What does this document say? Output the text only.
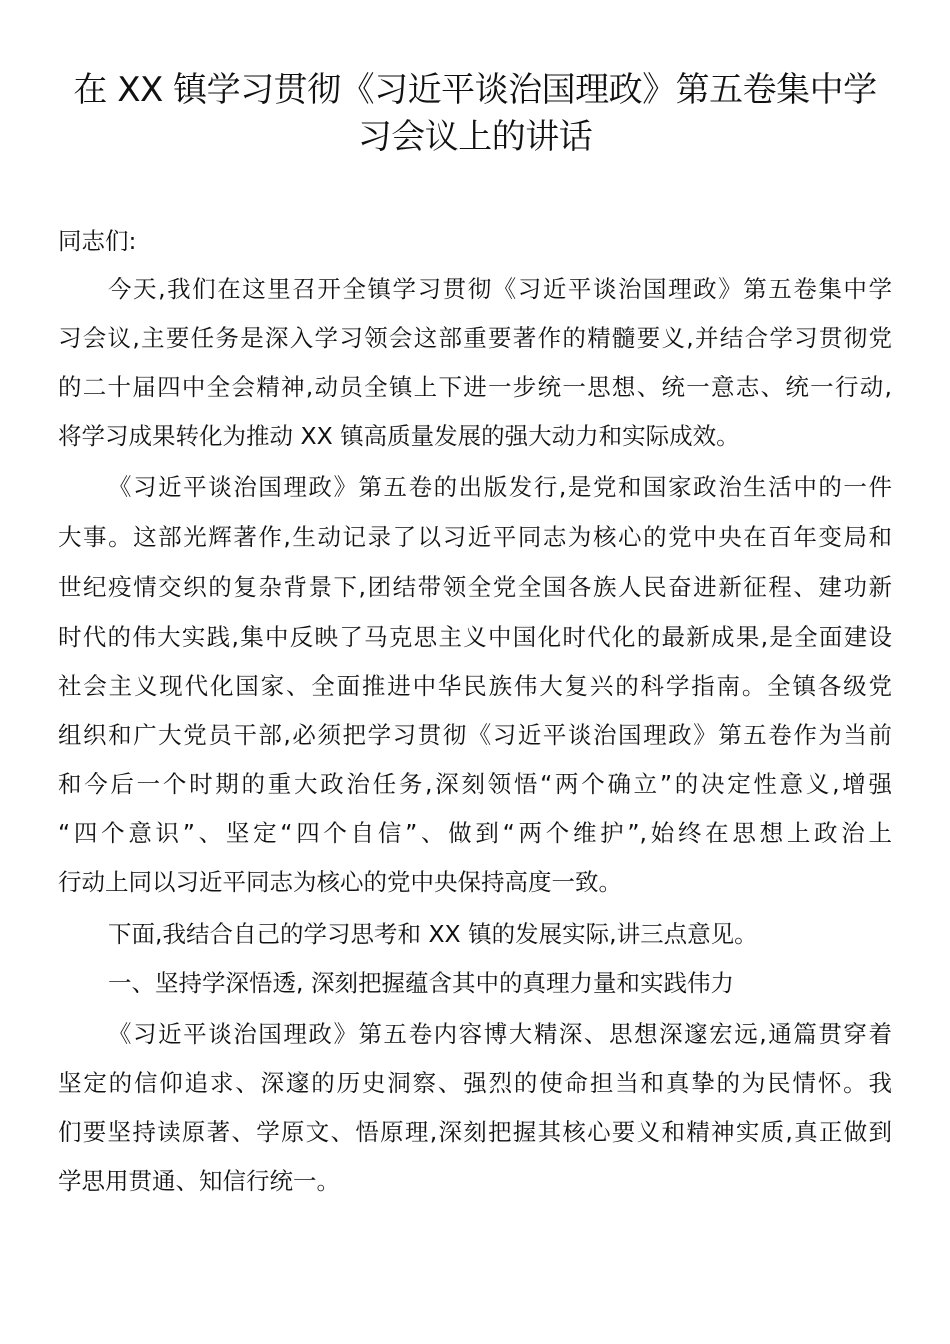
在 XX 镇学习贯彻《习近平谈治国理政》第五卷集中学
习会议上的讲话
同志们:
今天,我们在这里召开全镇学习贯彻《习近平谈治国理政》第五卷集中学
习会议,主要任务是深入学习领会这部重要著作的精髓要义,并结合学习贯彻党
的二十届四中全会精神,动员全镇上下进一步统一思想、统一意志、统一行动,
将学习成果转化为推动 XX 镇高质量发展的强大动力和实际成效。
《习近平谈治国理政》第五卷的出版发行,是党和国家政治生活中的一件
大事。这部光辉著作,生动记录了以习近平同志为核心的党中央在百年变局和
世纪疫情交织的复杂背景下,团结带领全党全国各族人民奋进新征程、建功新
时代的伟大实践,集中反映了马克思主义中国化时代化的最新成果,是全面建设
社会主义现代化国家、全面推进中华民族伟大复兴的科学指南。全镇各级党
组织和广大党员干部,必须把学习贯彻《习近平谈治国理政》第五卷作为当前
和今后一个时期的重大政治任务,深刻领悟“两个确立”的决定性意义,增强
“四个意识”、坚定“四个自信”、做到“两个维护”,始终在思想上政治上
行动上同以习近平同志为核心的党中央保持高度一致。
下面,我结合自己的学习思考和 XX 镇的发展实际,讲三点意见。
一、坚持学深悟透, 深刻把握蕴含其中的真理力量和实践伟力
《习近平谈治国理政》第五卷内容博大精深、思想深邃宏远,通篇贯穿着
坚定的信仰追求、深邃的历史洞察、强烈的使命担当和真挚的为民情怀。我
们要坚持读原著、学原文、悟原理,深刻把握其核心要义和精神实质,真正做到
学思用贯通、知信行统一。
